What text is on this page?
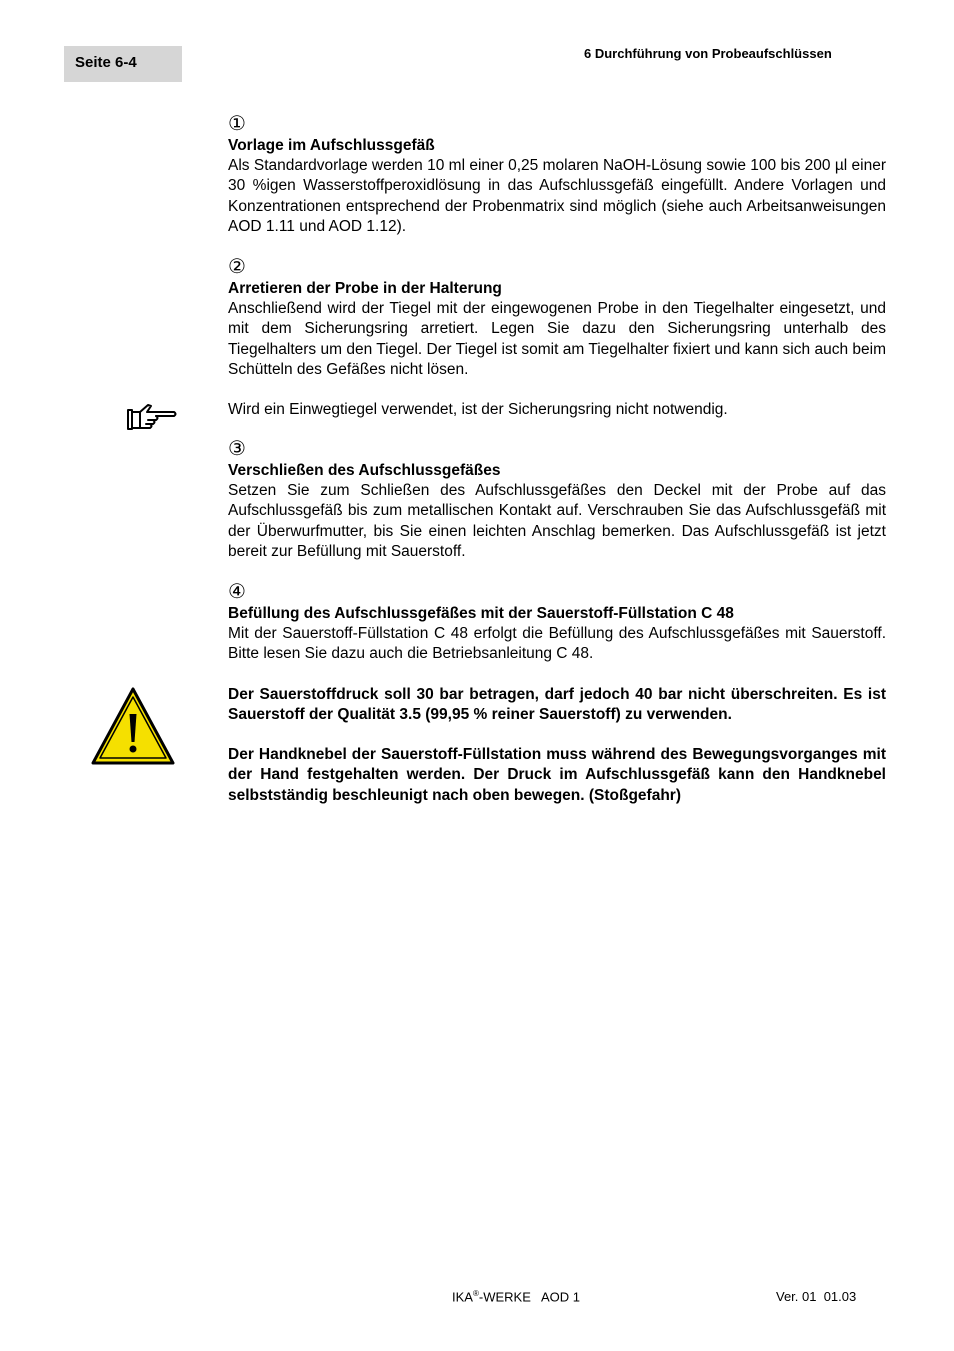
Seite 6-4
6 Durchführung von Probeaufschlüssen
①
Vorlage im Aufschlussgefäß
Als Standardvorlage werden 10 ml einer 0,25 molaren NaOH-Lösung sowie 100 bis 200 µl einer 30 %igen Wasserstoffperoxidlösung in das Aufschlussgefäß eingefüllt. Andere Vorlagen und Konzentrationen entsprechend der Probenmatrix sind möglich (siehe auch Arbeitsanweisungen AOD 1.11 und AOD 1.12).
②
Arretieren der Probe in der Halterung
Anschließend wird der Tiegel mit der eingewogenen Probe in den Tiegelhalter eingesetzt, und mit dem Sicherungsring arretiert. Legen Sie dazu den Sicherungsring unterhalb des Tiegelhalters um den Tiegel. Der Tiegel ist somit am Tiegelhalter fixiert und kann sich auch beim Schütteln des Gefäßes nicht lösen.
Wird ein Einwegtiegel verwendet, ist der Sicherungsring nicht notwendig.
③
Verschließen des Aufschlussgefäßes
Setzen Sie zum Schließen des Aufschlussgefäßes den Deckel mit der Probe auf das Aufschlussgefäß bis zum metallischen Kontakt auf. Verschrauben Sie das Aufschlussgefäß mit der Überwurfmutter, bis Sie einen leichten Anschlag bemerken. Das Aufschlussgefäß ist jetzt bereit zur Befüllung mit Sauerstoff.
④
Befüllung des Aufschlussgefäßes mit der Sauerstoff-Füllstation C 48
Mit der Sauerstoff-Füllstation C 48 erfolgt die Befüllung des Aufschlussgefäßes mit Sauerstoff. Bitte lesen Sie dazu auch die Betriebsanleitung C 48.
Der Sauerstoffdruck soll 30 bar betragen, darf jedoch 40 bar nicht überschreiten. Es ist Sauerstoff der Qualität 3.5 (99,95 % reiner Sauerstoff) zu verwenden.
Der Handknebel der Sauerstoff-Füllstation muss während des Bewegungsvorganges mit der Hand festgehalten werden. Der Druck im Aufschlussgefäß kann den Handknebel selbstständig beschleunigt nach oben bewegen. (Stoßgefahr)
IKA®-WERKE   AOD 1	Ver. 01  01.03
